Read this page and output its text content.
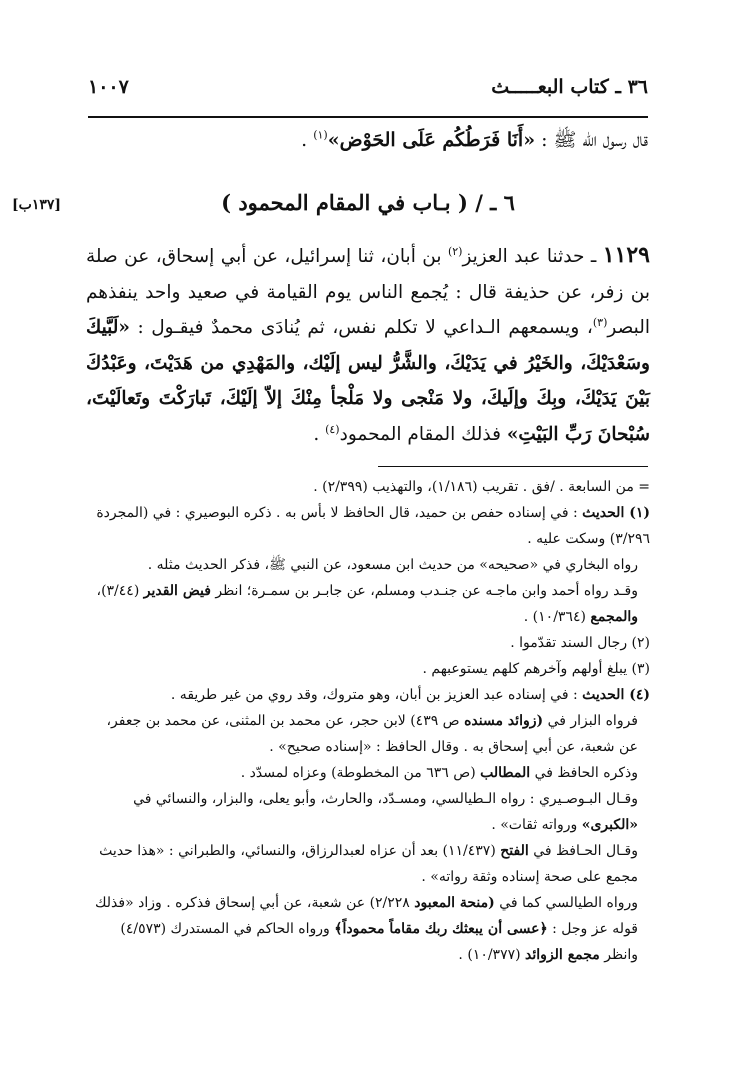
٣٦ ـ كتاب البعـــــث
١٠٠٧
قال رسول الله ﷺ : «أَنَا فَرَطُكُم عَلَى الحَوْض»$^{(١)}$ .
[١٣٧ب]	٦ ـ / ( بـاب في المقام المحمود )
١١٢٩ ـ حدثنا عبد العزيز$^{(٢)}$ بن أبان، ثنا إسرائيل، عن أبي إسحاق، عن صلة بن زفر، عن حذيفة قال : يُجمع الناس يوم القيامة في صعيد واحد ينفذهم البصر$^{(٣)}$، ويسمعهم الـداعي لا تكلم نفس، ثم يُنادَى محمدٌ فيقـول : «لَبَّيكَ وسَعْدَيْكَ، والخَيْرُ في يَدَيْكَ، والشَّرُّ ليس إلَيْك، والمَهْدِي من هَدَيْتَ، وعَبْدُكَ بَيْنَ يَدَيْكَ، وبِكَ وإلَيكَ، ولا مَنْجى ولا مَلْجأ مِنْكَ إلاّ إلَيْكَ، تَبارَكْتَ وتَعالَيْتَ، سُبْحانَ رَبِّ البَيْتِ» فذلك المقام المحمود$^{(٤)}$ .

= من السابعة . /فق . تقريب (١/١٨٦)، والتهذيب (٢/٣٩٩) .

(١) الحديث : في إسناده حفص بن حميد، قال الحافظ لا بأس به . ذكره البوصيري : في (المجردة ٣/٢٩٦) وسكت عليه .

رواه البخاري في «صحيحه» من حديث ابن مسعود، عن النبي ﷺ، فذكر الحديث مثله .

وقـد رواه أحمد وابن ماجـه عن جنـدب ومسلم، عن جابـر بن سمـرة؛ انظر فيض القدير (٣/٤٤)، والمجمع (١٠/٣٦٤) .

(٢) رجال السند تقدّموا .

(٣) يبلغ أولهم وآخرهم كلهم يستوعبهم .

(٤) الحديث : في إسناده عبد العزيز بن أبان، وهو متروك، وقد روي من غير طريقه .

فرواه البزار في (زوائد مسنده ص ٤٣٩) لابن حجر، عن محمد بن المثنى، عن محمد بن جعفر، عن شعبة، عن أبي إسحاق به . وقال الحافظ : «إسناده صحيح» .

وذكره الحافظ في المطالب (ص ٦٣٦ من المخطوطة) وعزاه لمسدّد .

وقـال البـوصـيري : رواه الـطيالسي، ومسـدّد، والحارث، وأبو يعلى، والبزار، والنسائي في «الكبرى» ورواته ثقات» .

وقـال الحـافظ في الفتح (١١/٤٣٧) بعد أن عزاه لعبدالرزاق، والنسائي، والطبراني : «هذا حديث مجمع على صحة إسناده وثقة رواته» .

ورواه الطيالسي كما في (منحة المعبود ٢/٢٢٨) عن شعبة، عن أبي إسحاق فذكره . وزاد «فذلك قوله عز وجل : ﴿عسى أن يبعثك ربك مقاماً محموداً﴾ ورواه الحاكم في المستدرك (٤/٥٧٣) وانظر مجمع الزوائد (١٠/٣٧٧) .
